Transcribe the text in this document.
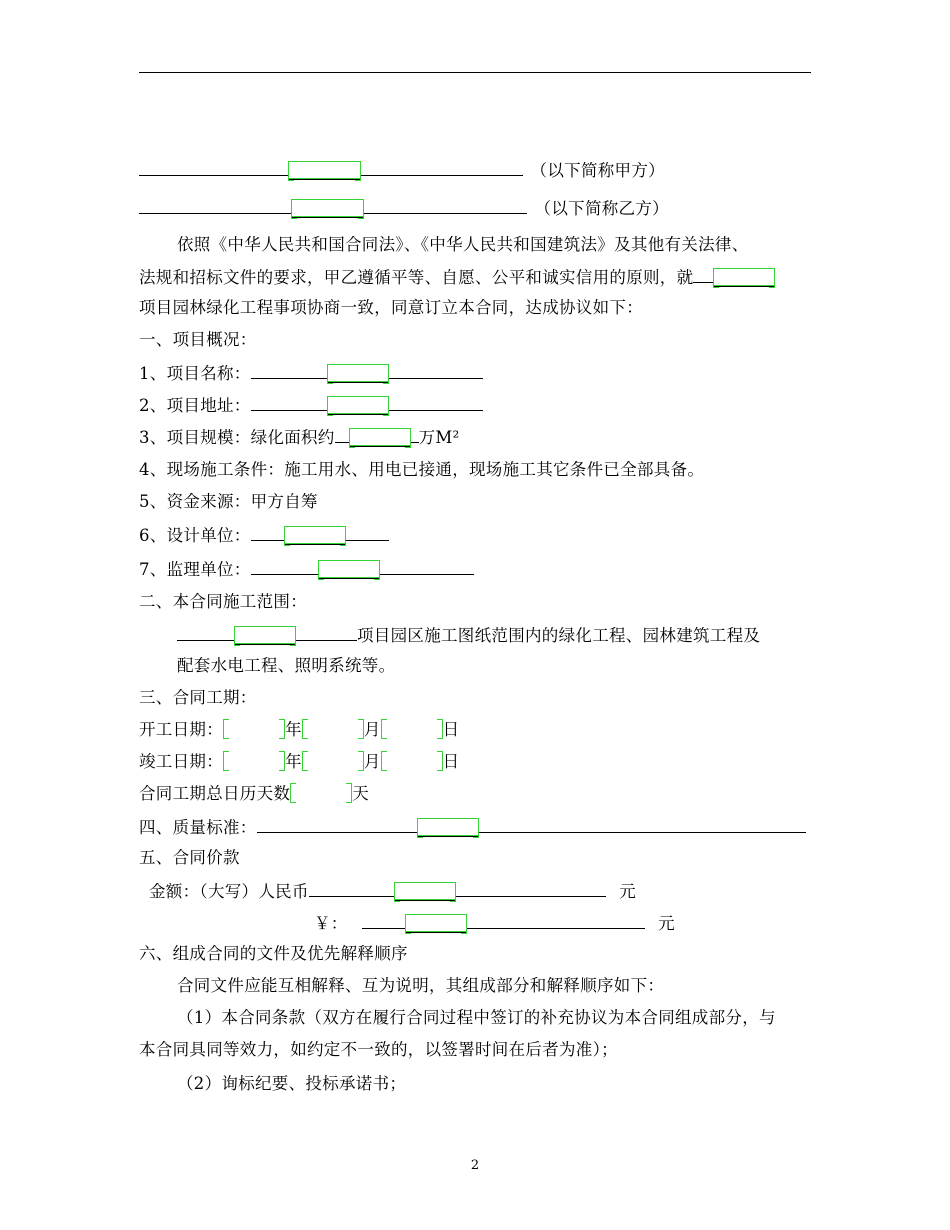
（以下简称甲方）
（以下简称乙方）
依照《中华人民共和国合同法》、《中华人民共和国建筑法》及其他有关法律、
法规和招标文件的要求，甲乙遵循平等、自愿、公平和诚实信用的原则，就
项目园林绿化工程事项协商一致，同意订立本合同，达成协议如下：
一、项目概况：
1、项目名称：
2、项目地址：
3、项目规模：绿化面积约	万M²
4、现场施工条件：施工用水、用电已接通，现场施工其它条件已全部具备。
5、资金来源：甲方自筹
6、设计单位：
7、监理单位：
二、本合同施工范围：
项目园区施工图纸范围内的绿化工程、园林建筑工程及
配套水电工程、照明系统等。
三、合同工期：
开工日期：	年	月	日
竣工日期：	年	月	日
合同工期总日历天数	天
四、质量标准：
五、合同价款
金额：（大写）人民币	元
￥：	元
六、组成合同的文件及优先解释顺序
合同文件应能互相解释、互为说明，其组成部分和解释顺序如下：
（1）本合同条款（双方在履行合同过程中签订的补充协议为本合同组成部分，与
本合同具同等效力，如约定不一致的，以签署时间在后者为准）；
（2）询标纪要、投标承诺书；
2
